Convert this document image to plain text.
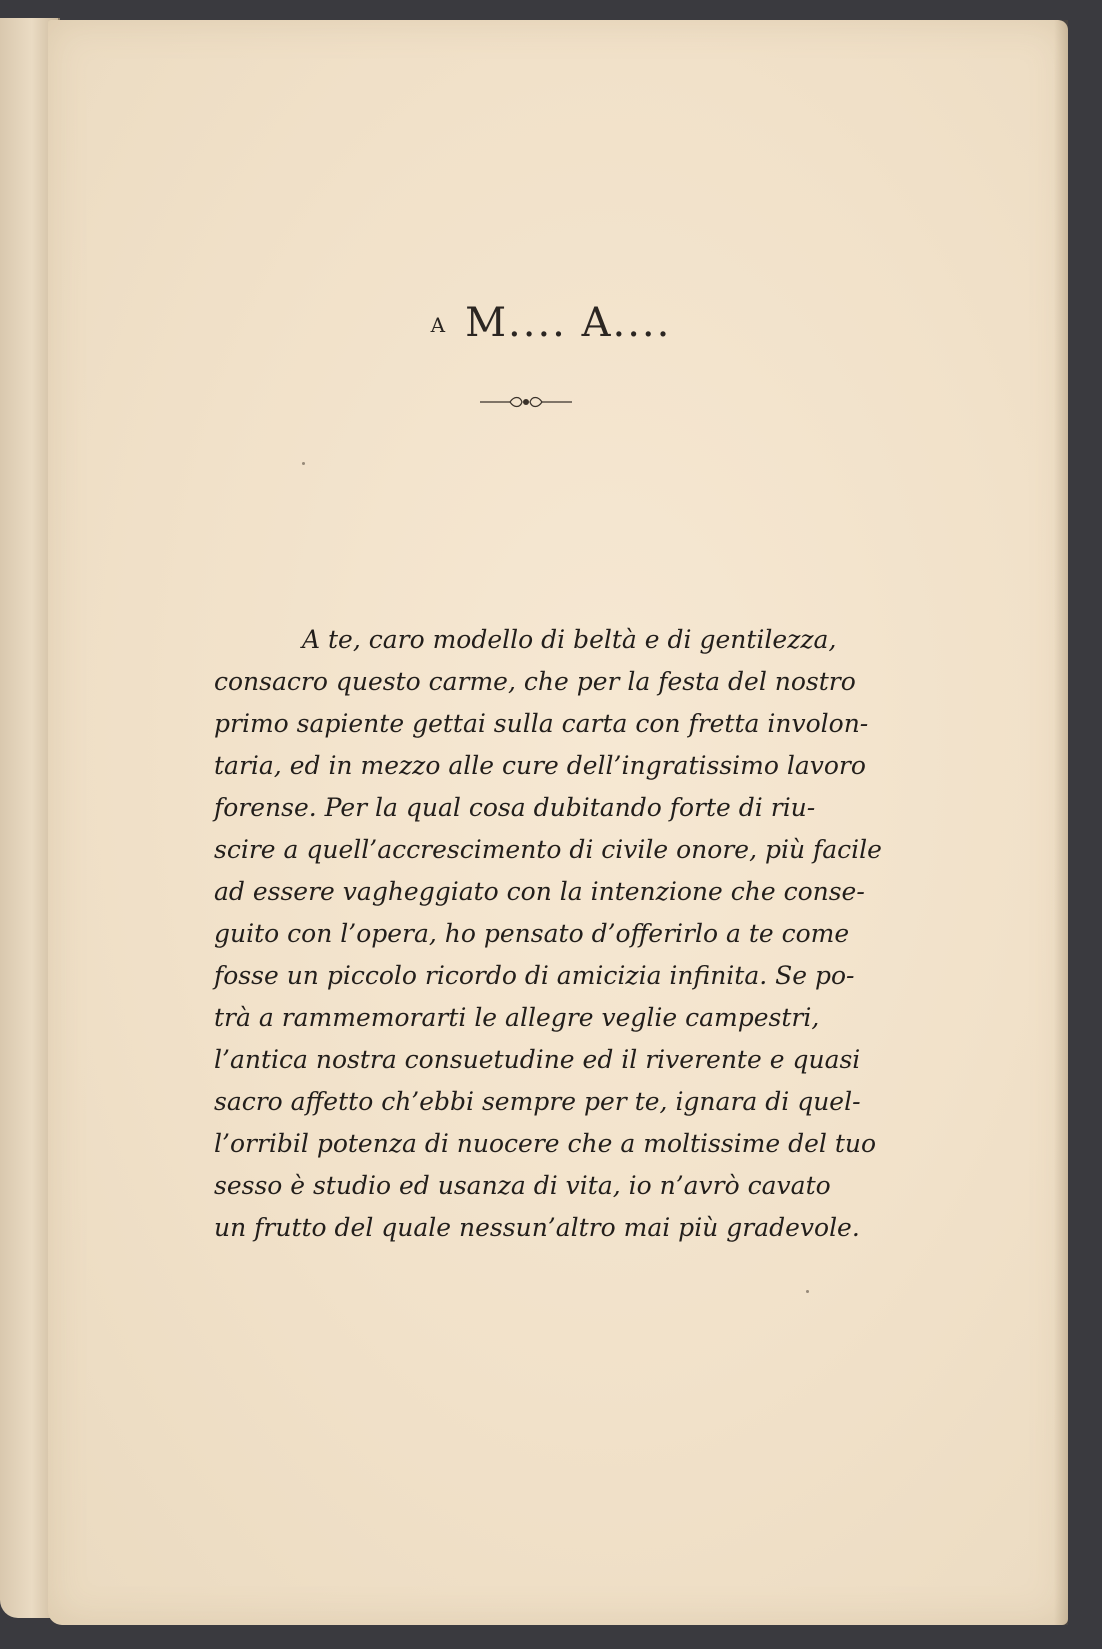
A M.... A....
A te, caro modello di beltà e di gentilezza,
consacro questo carme, che per la festa del nostro
primo sapiente gettai sulla carta con fretta involon-
taria, ed in mezzo alle cure dell’ingratissimo lavoro
forense. Per la qual cosa dubitando forte di riu-
scire a quell’accrescimento di civile onore, più facile
ad essere vagheggiato con la intenzione che conse-
guito con l’opera, ho pensato d’offerirlo a te come
fosse un piccolo ricordo di amicizia infinita. Se po-
trà a rammemorarti le allegre veglie campestri,
l’antica nostra consuetudine ed il riverente e quasi
sacro affetto ch’ebbi sempre per te, ignara di quel-
l’orribil potenza di nuocere che a moltissime del tuo
sesso è studio ed usanza di vita, io n’avrò cavato
un frutto del quale nessun’altro mai più gradevole.
